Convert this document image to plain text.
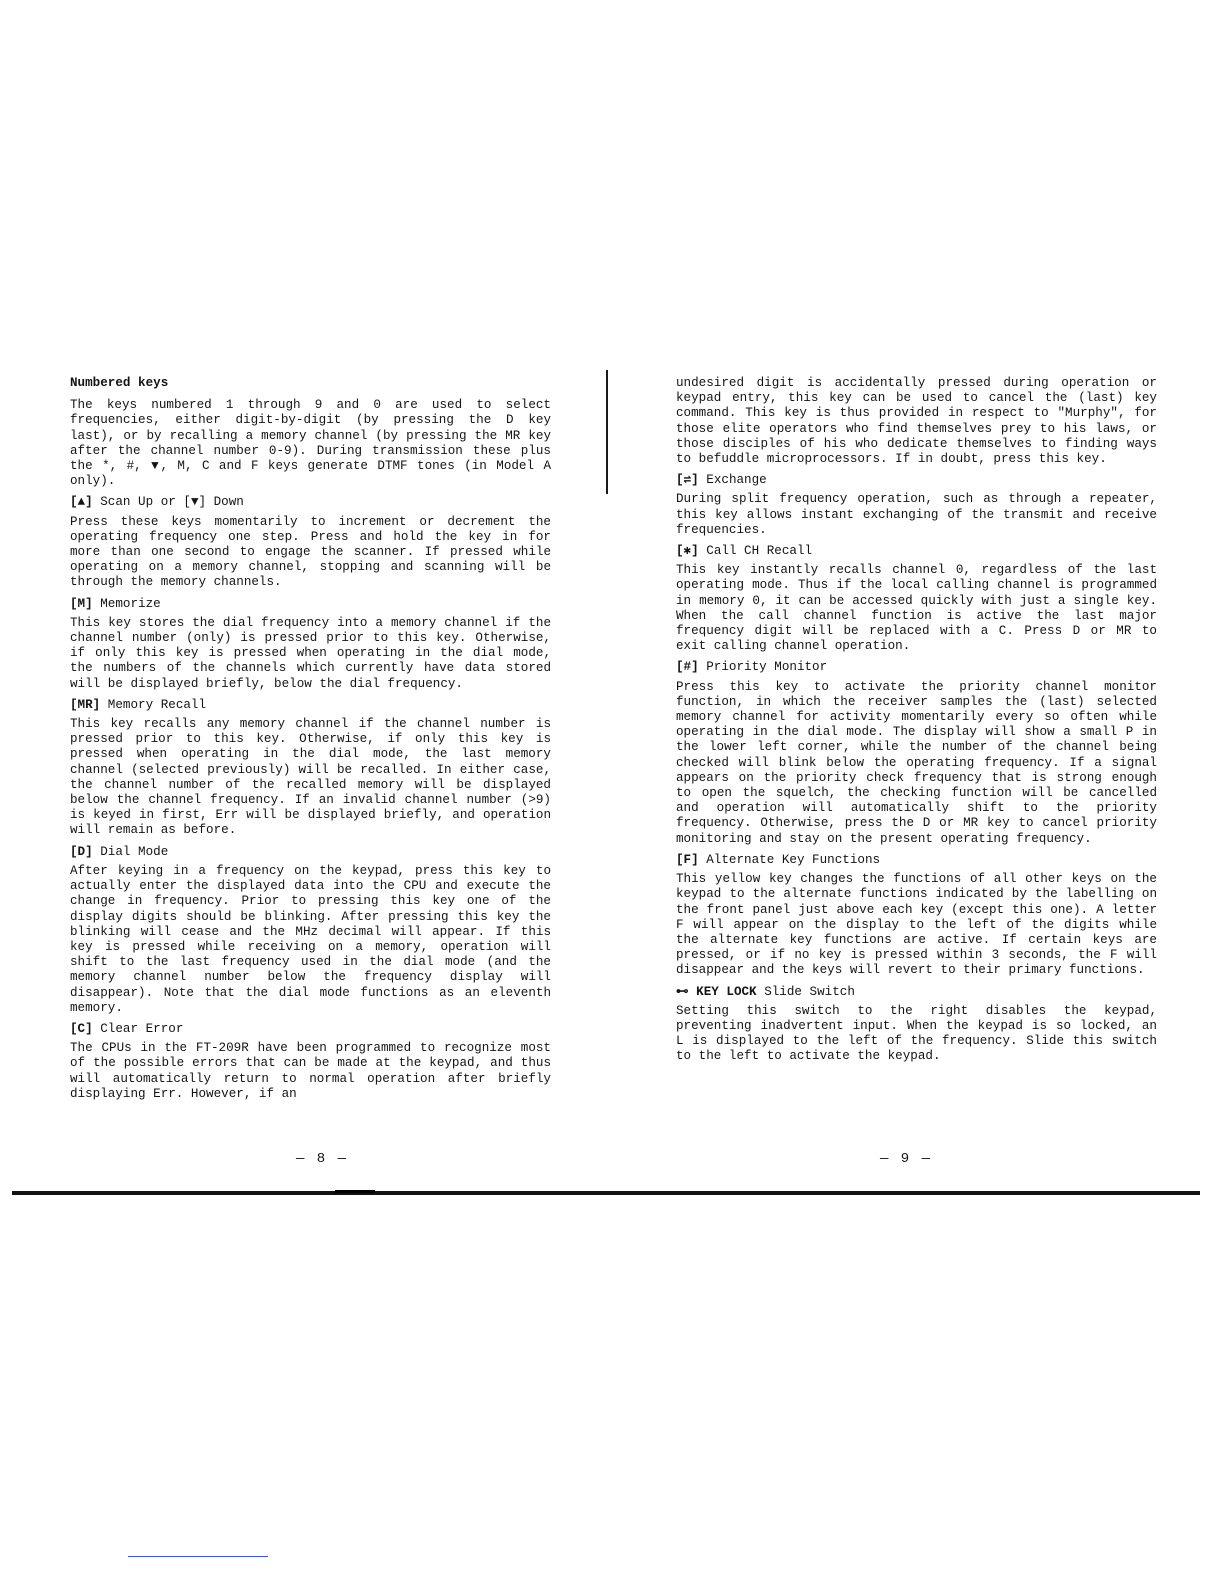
Numbered keys

The keys numbered 1 through 9 and 0 are used to select frequencies, either digit-by-digit (by pressing the D key last), or by recalling a memory channel (by pressing the MR key after the channel number 0-9). During transmission these plus the *, #, ▼, M, C and F keys generate DTMF tones (in Model A only).

[▲] Scan Up or [▼] Down

Press these keys momentarily to increment or decrement the operating frequency one step. Press and hold the key in for more than one second to engage the scanner. If pressed while operating on a memory channel, stopping and scanning will be through the memory channels.

[M] Memorize

This key stores the dial frequency into a memory channel if the channel number (only) is pressed prior to this key. Otherwise, if only this key is pressed when operating in the dial mode, the numbers of the channels which currently have data stored will be displayed briefly, below the dial frequency.

[MR] Memory Recall

This key recalls any memory channel if the channel number is pressed prior to this key. Otherwise, if only this key is pressed when operating in the dial mode, the last memory channel (selected previously) will be recalled. In either case, the channel number of the recalled memory will be displayed below the channel frequency. If an invalid channel number (>9) is keyed in first, Err will be displayed briefly, and operation will remain as before.

[D] Dial Mode

After keying in a frequency on the keypad, press this key to actually enter the displayed data into the CPU and execute the change in frequency. Prior to pressing this key one of the display digits should be blinking. After pressing this key the blinking will cease and the MHz decimal will appear. If this key is pressed while receiving on a memory, operation will shift to the last frequency used in the dial mode (and the memory channel number below the frequency display will disappear). Note that the dial mode functions as an eleventh memory.

[C] Clear Error

The CPUs in the FT-209R have been programmed to recognize most of the possible errors that can be made at the keypad, and thus will automatically return to normal operation after briefly displaying Err. However, if an

— 8 —

undesired digit is accidentally pressed during operation or keypad entry, this key can be used to cancel the (last) key command. This key is thus provided in respect to "Murphy", for those elite operators who find themselves prey to his laws, or those disciples of his who dedicate themselves to finding ways to befuddle microprocessors. If in doubt, press this key.

[⇌] Exchange

During split frequency operation, such as through a repeater, this key allows instant exchanging of the transmit and receive frequencies.

[✱] Call CH Recall

This key instantly recalls channel 0, regardless of the last operating mode. Thus if the local calling channel is programmed in memory 0, it can be accessed quickly with just a single key. When the call channel function is active the last major frequency digit will be replaced with a C. Press D or MR to exit calling channel operation.

[#] Priority Monitor

Press this key to activate the priority channel monitor function, in which the receiver samples the (last) selected memory channel for activity momentarily every so often while operating in the dial mode. The display will show a small P in the lower left corner, while the number of the channel being checked will blink below the operating frequency. If a signal appears on the priority check frequency that is strong enough to open the squelch, the checking function will be cancelled and operation will automatically shift to the priority frequency. Otherwise, press the D or MR key to cancel priority monitoring and stay on the present operating frequency.

[F] Alternate Key Functions

This yellow key changes the functions of all other keys on the keypad to the alternate functions indicated by the labelling on the front panel just above each key (except this one). A letter F will appear on the display to the left of the digits while the alternate key functions are active. If certain keys are pressed, or if no key is pressed within 3 seconds, the F will disappear and the keys will revert to their primary functions.

⊷ KEY LOCK Slide Switch

Setting this switch to the right disables the keypad, preventing inadvertent input. When the keypad is so locked, an L is displayed to the left of the frequency. Slide this switch to the left to activate the keypad.

— 9 —
